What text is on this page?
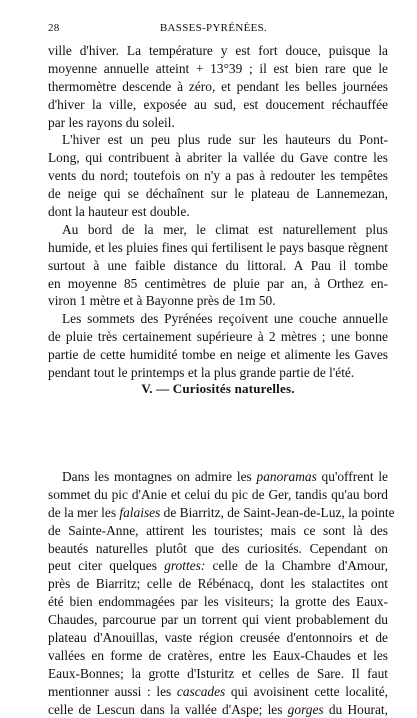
28	BASSES-PYRÉNÉES.
ville d'hiver. La température y est fort douce, puisque la
moyenne annuelle atteint + 13°39 ; il est bien rare que le
thermomètre descende à zéro, et pendant les belles journées
d'hiver la ville, exposée au sud, est doucement réchauffée
par les rayons du soleil.
L'hiver est un peu plus rude sur les hauteurs du Pont-
Long, qui contribuent à abriter la vallée du Gave contre les
vents du nord; toutefois on n'y a pas à redouter les tempêtes
de neige qui se déchaînent sur le plateau de Lannemezan,
dont la hauteur est double.
Au bord de la mer, le climat est naturellement plus
humide, et les pluies fines qui fertilisent le pays basque règnent
surtout à une faible distance du littoral. A Pau il tombe
en moyenne 85 centimètres de pluie par an, à Orthez en-
viron 1 mètre et à Bayonne près de 1m 50.
Les sommets des Pyrénées reçoivent une couche annuelle
de pluie très certainement supérieure à 2 mètres ; une bonne
partie de cette humidité tombe en neige et alimente les Gaves
pendant tout le printemps et la plus grande partie de l'été.
V. — Curiosités naturelles.
Dans les montagnes on admire les panoramas qu'offrent le
sommet du pic d'Anie et celui du pic de Ger, tandis qu'au bord
de la mer les falaises de Biarritz, de Saint-Jean-de-Luz, la pointe
de Sainte-Anne, attirent les touristes; mais ce sont là des
beautés naturelles plutôt que des curiosités. Cependant on
peut citer quelques grottes: celle de la Chambre d'Amour,
près de Biarritz; celle de Rébénacq, dont les stalactites ont
été bien endommagées par les visiteurs; la grotte des Eaux-
Chaudes, parcourue par un torrent qui vient probablement du
plateau d'Anouillas, vaste région creusée d'entonnoirs et de
vallées en forme de cratères, entre les Eaux-Chaudes et les
Eaux-Bonnes; la grotte d'Isturitz et celles de Sare. Il faut
mentionner aussi : les cascades qui avoisinent cette localité,
celle de Lescun dans la vallée d'Aspe; les gorges du Hourat,
